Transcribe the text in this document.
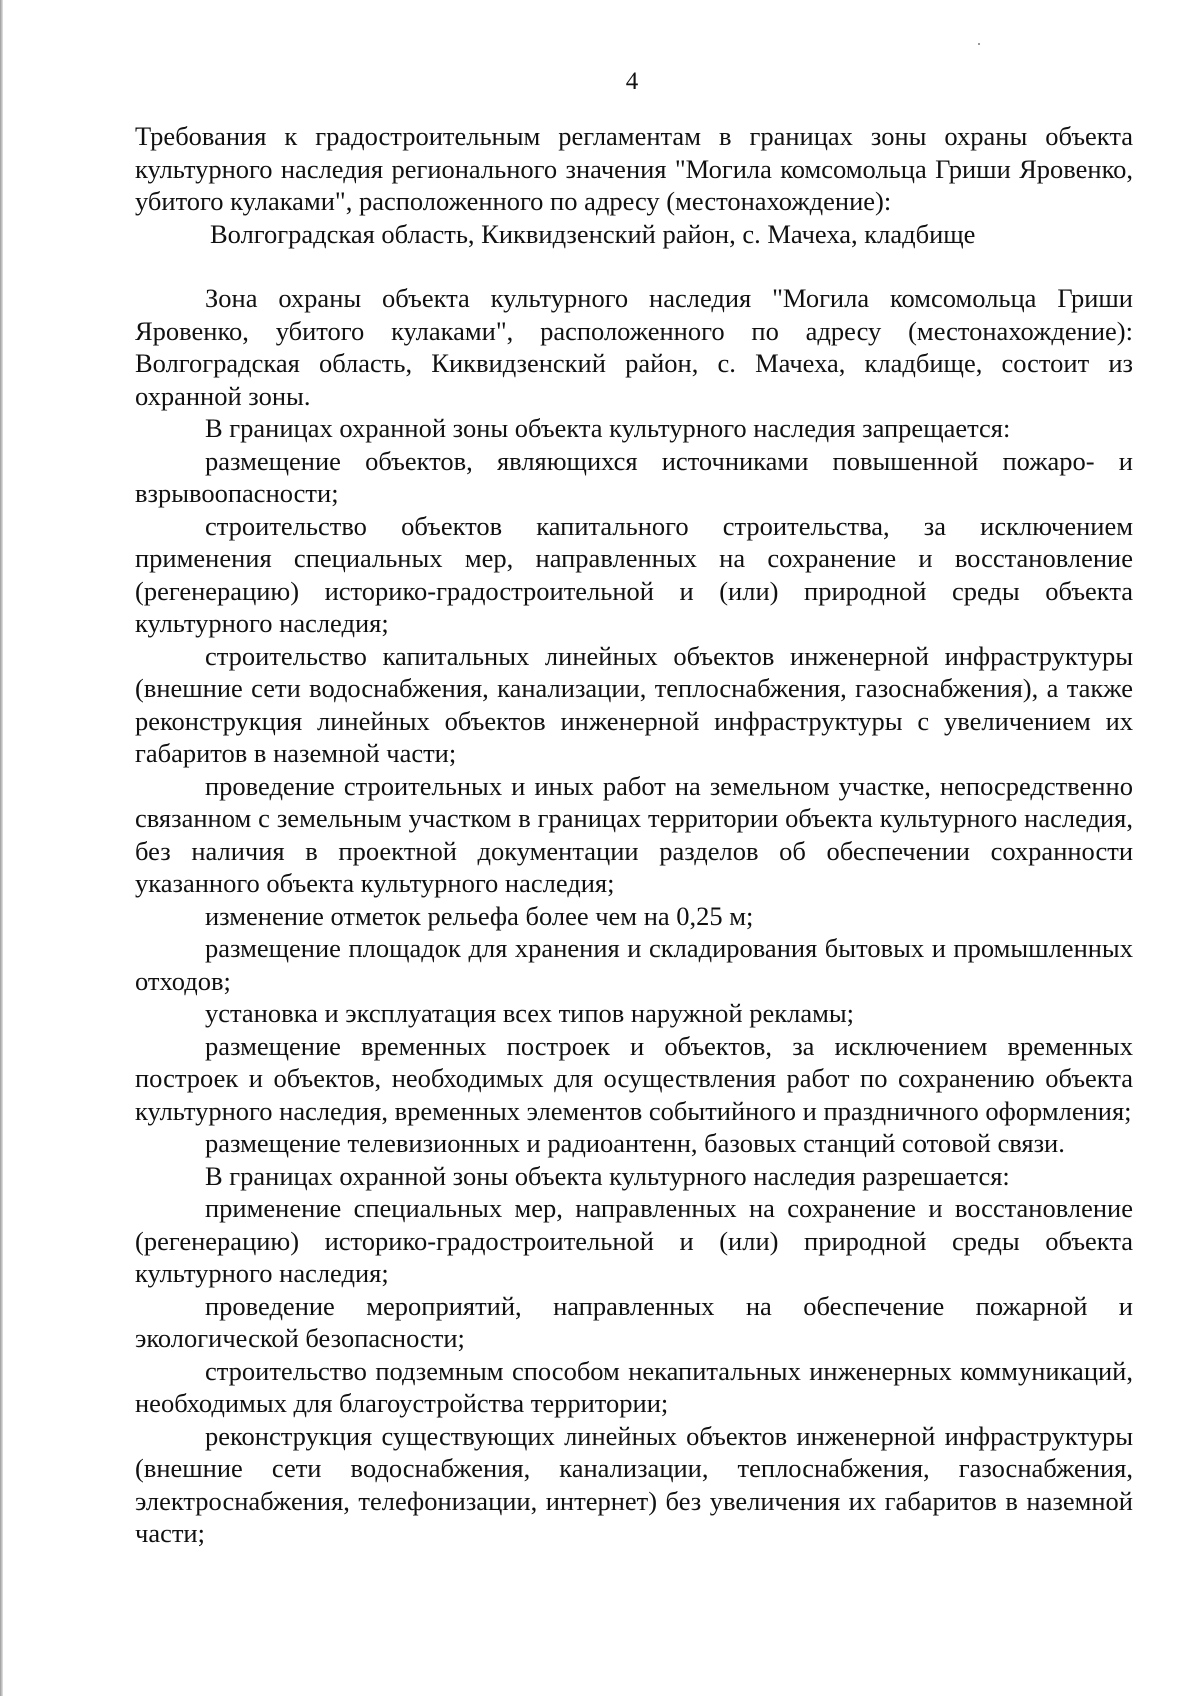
4

Требования к градостроительным регламентам в границах зоны охраны объекта культурного наследия регионального значения "Могила комсомольца Гриши Яровенко, убитого кулаками", расположенного по адресу (местонахождение):

Волгоградская область, Киквидзенский район, с. Мачеха, кладбище

Зона охраны объекта культурного наследия "Могила комсомольца Гриши Яровенко, убитого кулаками", расположенного по адресу (местонахождение): Волгоградская область, Киквидзенский район, с. Мачеха, кладбище, состоит из охранной зоны.

В границах охранной зоны объекта культурного наследия запрещается:

размещение объектов, являющихся источниками повышенной пожаро- и взрывоопасности;

строительство объектов капитального строительства, за исключением применения специальных мер, направленных на сохранение и восстановление (регенерацию) историко-градостроительной и (или) природной среды объекта культурного наследия;

строительство капитальных линейных объектов инженерной инфраструктуры (внешние сети водоснабжения, канализации, теплоснабжения, газоснабжения), а также реконструкция линейных объектов инженерной инфраструктуры с увеличением их габаритов в наземной части;

проведение строительных и иных работ на земельном участке, непосредственно связанном с земельным участком в границах территории объекта культурного наследия, без наличия в проектной документации разделов об обеспечении сохранности указанного объекта культурного наследия;

изменение отметок рельефа более чем на 0,25 м;

размещение площадок для хранения и складирования бытовых и промышленных отходов;

установка и эксплуатация всех типов наружной рекламы;

размещение временных построек и объектов, за исключением временных построек и объектов, необходимых для осуществления работ по сохранению объекта культурного наследия, временных элементов событийного и праздничного оформления;

размещение телевизионных и радиоантенн, базовых станций сотовой связи.

В границах охранной зоны объекта культурного наследия разрешается:

применение специальных мер, направленных на сохранение и восстановление (регенерацию) историко-градостроительной и (или) природной среды объекта культурного наследия;

проведение мероприятий, направленных на обеспечение пожарной и экологической безопасности;

строительство подземным способом некапитальных инженерных коммуникаций, необходимых для благоустройства территории;

реконструкция существующих линейных объектов инженерной инфраструктуры (внешние сети водоснабжения, канализации, теплоснабжения, газоснабжения, электроснабжения, телефонизации, интернет) без увеличения их габаритов в наземной части;
